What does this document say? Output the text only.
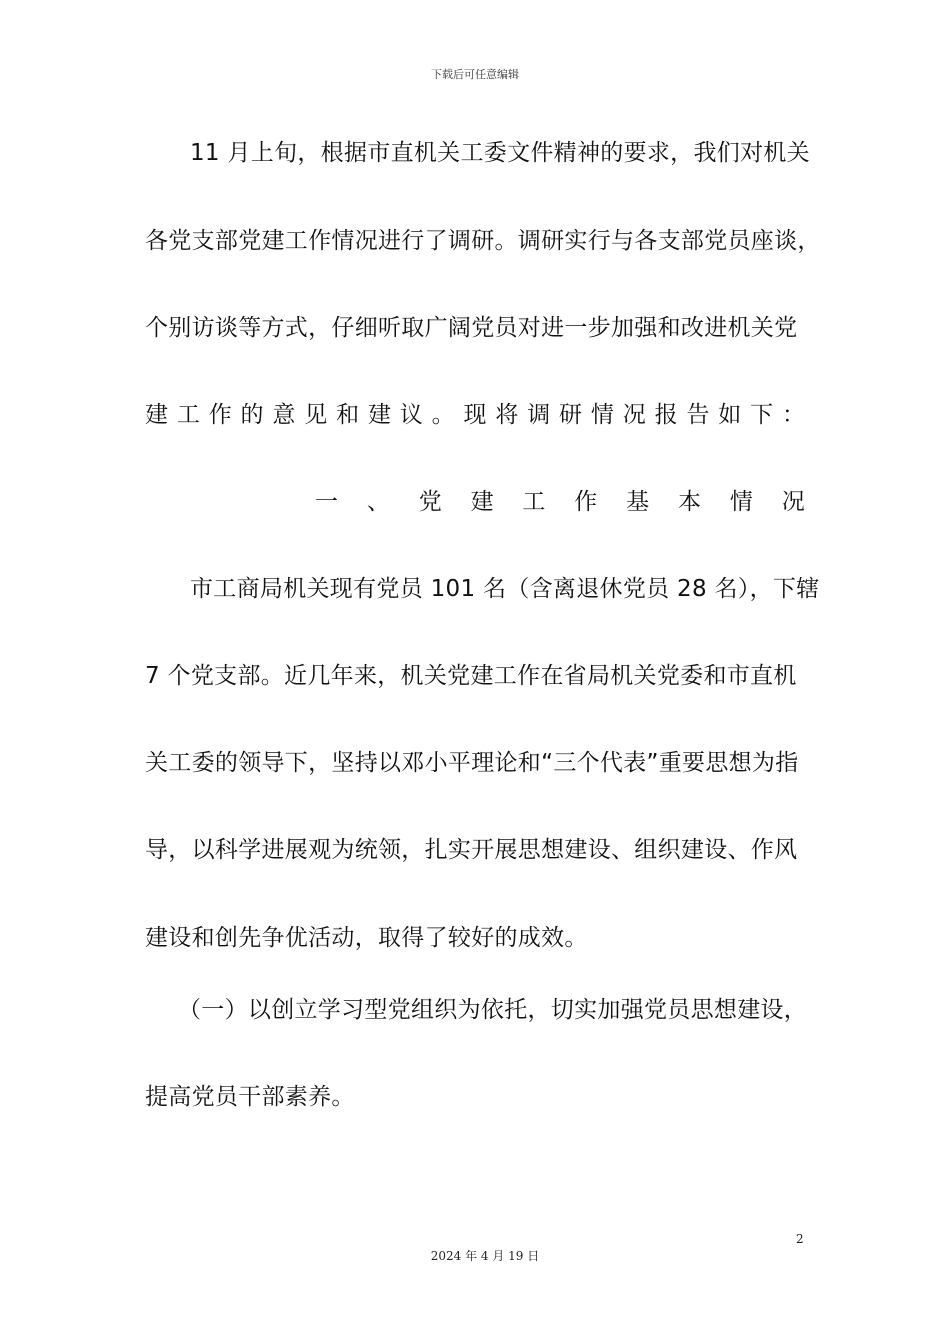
下载后可任意编辑
11 月上旬，根据市直机关工委文件精神的要求，我们对机关
各党支部党建工作情况进行了调研。调研实行与各支部党员座谈，
个别访谈等方式，仔细听取广阔党员对进一步加强和改进机关党
建工作的意见和建议。现将调研情况报告如下：
一、党建工作基本情况
市工商局机关现有党员 101 名（含离退休党员 28 名），下辖
7 个党支部。近几年来，机关党建工作在省局机关党委和市直机
关工委的领导下，坚持以邓小平理论和“三个代表”重要思想为指
导，以科学进展观为统领，扎实开展思想建设、组织建设、作风
建设和创先争优活动，取得了较好的成效。
（一）以创立学习型党组织为依托，切实加强党员思想建设，
提高党员干部素养。
2
2024 年 4 月 19 日
